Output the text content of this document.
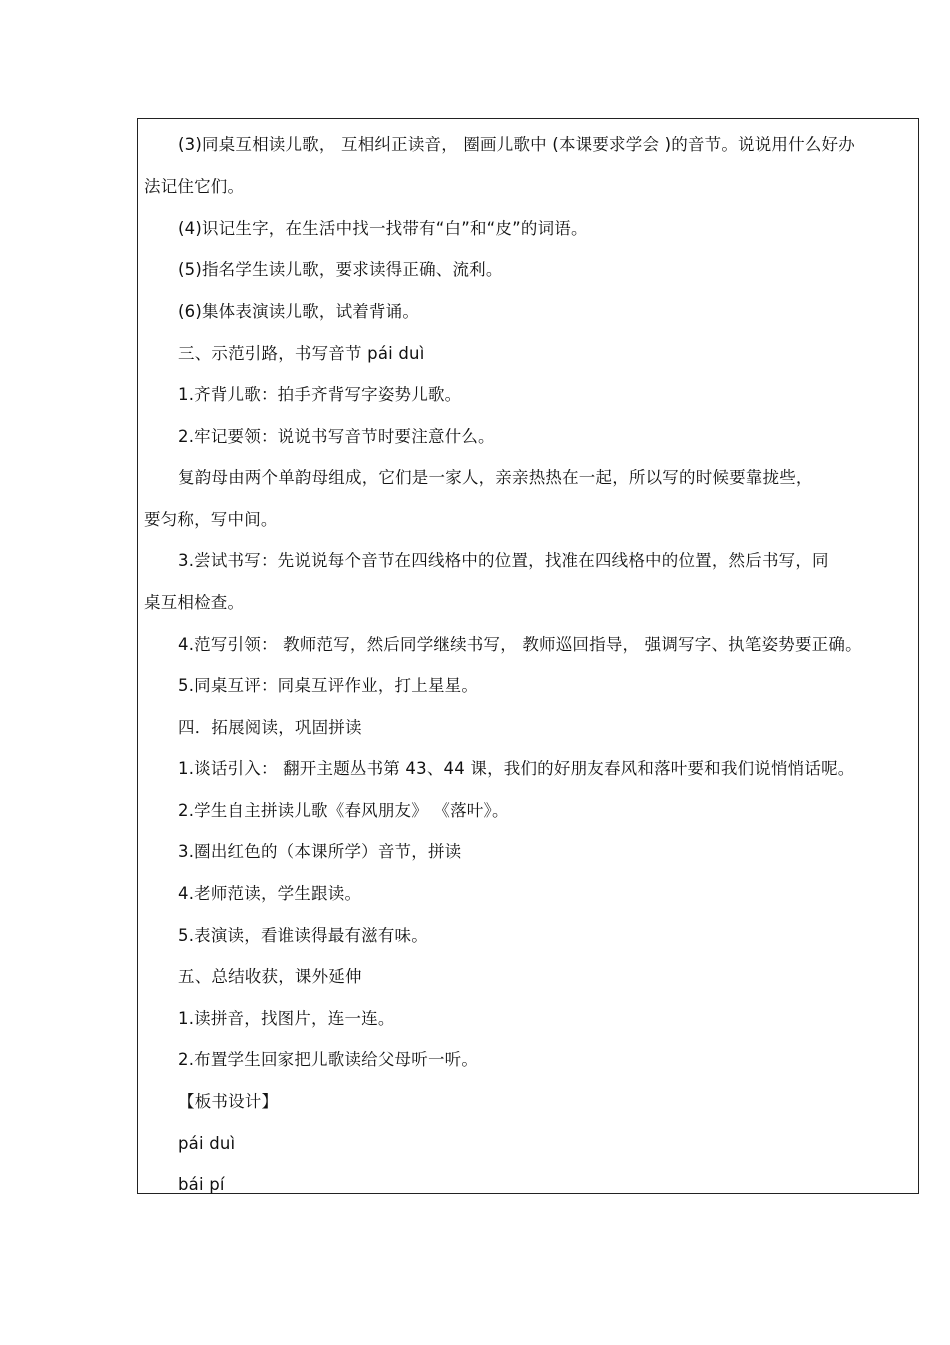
(3)同桌互相读儿歌， 互相纠正读音， 圈画儿歌中 (本课要求学会 )的音节。说说用什么好办
法记住它们。
(4)识记生字，在生活中找一找带有“白”和“皮”的词语。
(5)指名学生读儿歌，要求读得正确、流利。
(6)集体表演读儿歌，试着背诵。
三、示范引路，书写音节 pái duì
1.齐背儿歌：拍手齐背写字姿势儿歌。
2.牢记要领：说说书写音节时要注意什么。
复韵母由两个单韵母组成，它们是一家人，亲亲热热在一起，所以写的时候要靠拢些，
要匀称，写中间。
3.尝试书写：先说说每个音节在四线格中的位置，找准在四线格中的位置，然后书写，同
桌互相检查。
4.范写引领： 教师范写，然后同学继续书写， 教师巡回指导， 强调写字、执笔姿势要正确。
5.同桌互评：同桌互评作业，打上星星。
四．拓展阅读，巩固拼读
1.谈话引入： 翻开主题丛书第 43、44 课，我们的好朋友春风和落叶要和我们说悄悄话呢。
2.学生自主拼读儿歌《春风朋友》 《落叶》。
3.圈出红色的（本课所学）音节，拼读
4.老师范读，学生跟读。
5.表演读，看谁读得最有滋有味。
五、总结收获，课外延伸
1.读拼音，找图片，连一连。
2.布置学生回家把儿歌读给父母听一听。
【板书设计】
pái duì
bái pí
